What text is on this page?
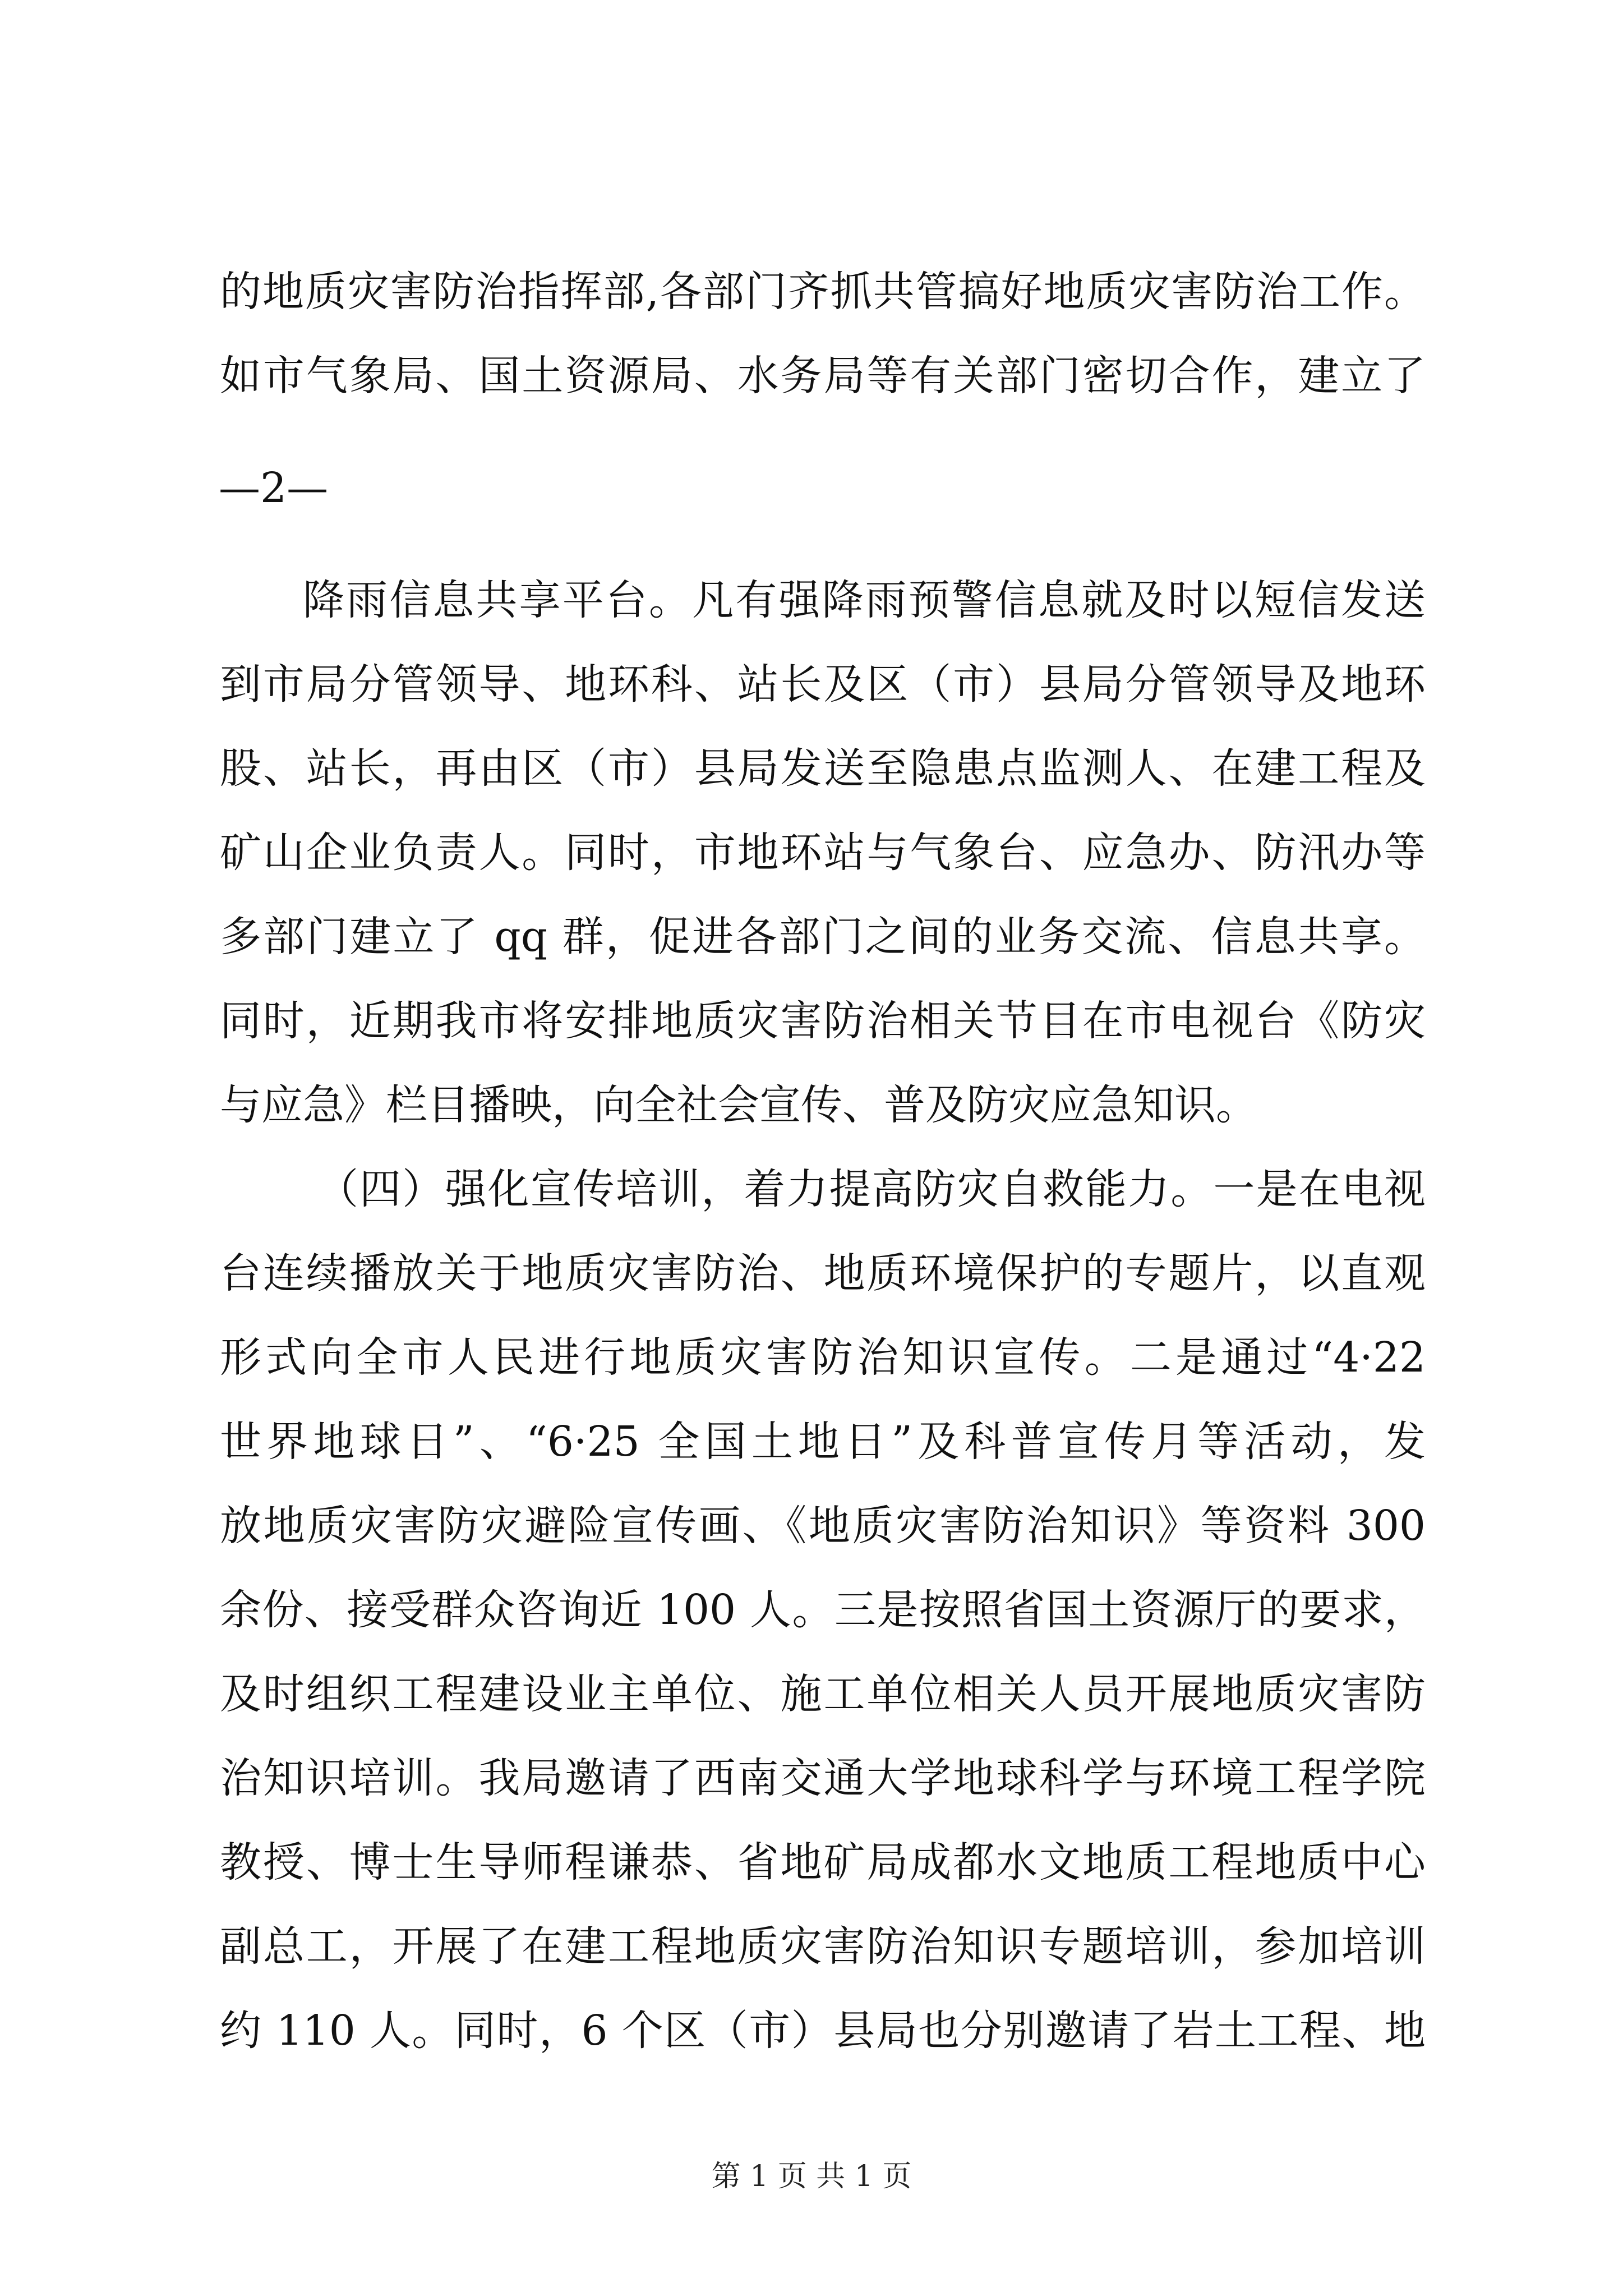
的地质灾害防治指挥部,各部门齐抓共管搞好地质灾害防治工作。
如市气象局、国土资源局、水务局等有关部门密切合作，建立了
—2—
降雨信息共享平台。凡有强降雨预警信息就及时以短信发送
到市局分管领导、地环科、站长及区（市）县局分管领导及地环
股、站长，再由区（市）县局发送至隐患点监测人、在建工程及
矿山企业负责人。同时，市地环站与气象台、应急办、防汛办等
多部门建立了 qq 群，促进各部门之间的业务交流、信息共享。
同时，近期我市将安排地质灾害防治相关节目在市电视台《防灾
与应急》栏目播映，向全社会宣传、普及防灾应急知识。
（四）强化宣传培训，着力提高防灾自救能力。一是在电视
台连续播放关于地质灾害防治、地质环境保护的专题片，以直观
形式向全市人民进行地质灾害防治知识宣传。二是通过“4·22
世界地球日”、“6·25 全国土地日”及科普宣传月等活动，发
放地质灾害防灾避险宣传画、《地质灾害防治知识》等资料 300
余份、接受群众咨询近 100 人。三是按照省国土资源厅的要求，
及时组织工程建设业主单位、施工单位相关人员开展地质灾害防
治知识培训。我局邀请了西南交通大学地球科学与环境工程学院
教授、博士生导师程谦恭、省地矿局成都水文地质工程地质中心
副总工，开展了在建工程地质灾害防治知识专题培训，参加培训
约 110 人。同时，6 个区（市）县局也分别邀请了岩土工程、地
第 1 页 共 1 页
